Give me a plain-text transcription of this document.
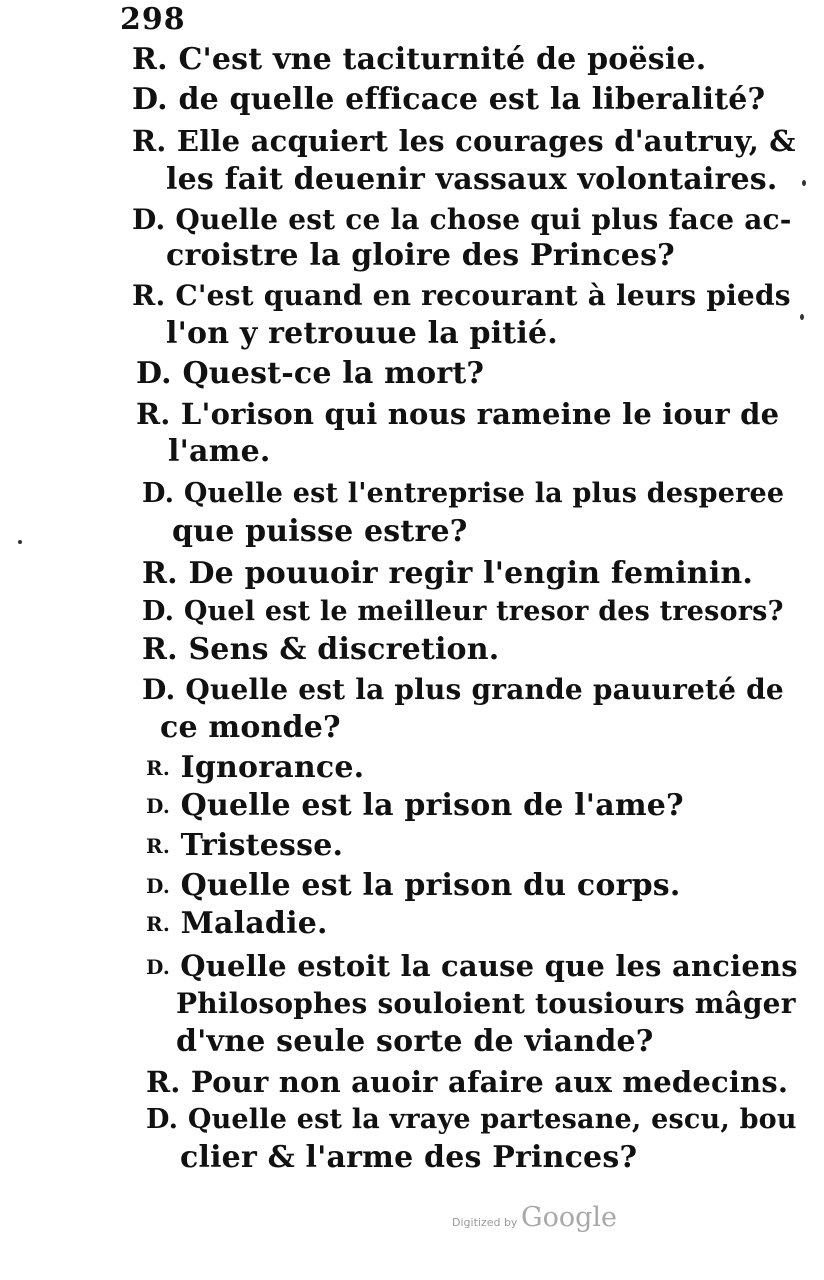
298
R. C'est vne taciturnité de poësie.
D. de quelle efficace est la liberalité?
R. Elle acquiert les courages d'autruy, &
les fait deuenir vassaux volontaires.
D. Quelle est ce la chose qui plus face ac-
croistre la gloire des Princes?
R. C'est quand en recourant à leurs pieds
l'on y retrouue la pitié.
D. Quest-ce la mort?
R. L'orison qui nous rameine le iour de
l'ame.
D. Quelle est l'entreprise la plus desperee
que puisse estre?
R. De pouuoir regir l'engin feminin.
D. Quel est le meilleur tresor des tresors?
R. Sens & discretion.
D. Quelle est la plus grande pauureté de
ce monde?
R. Ignorance.
D. Quelle est la prison de l'ame?
R. Tristesse.
D. Quelle est la prison du corps.
R. Maladie.
D. Quelle estoit la cause que les anciens
Philosophes souloient tousiours mâger
d'vne seule sorte de viande?
R. Pour non auoir afaire aux medecins.
D. Quelle est la vraye partesane, escu, bou
clier & l'arme des Princes?
Digitized by Google
